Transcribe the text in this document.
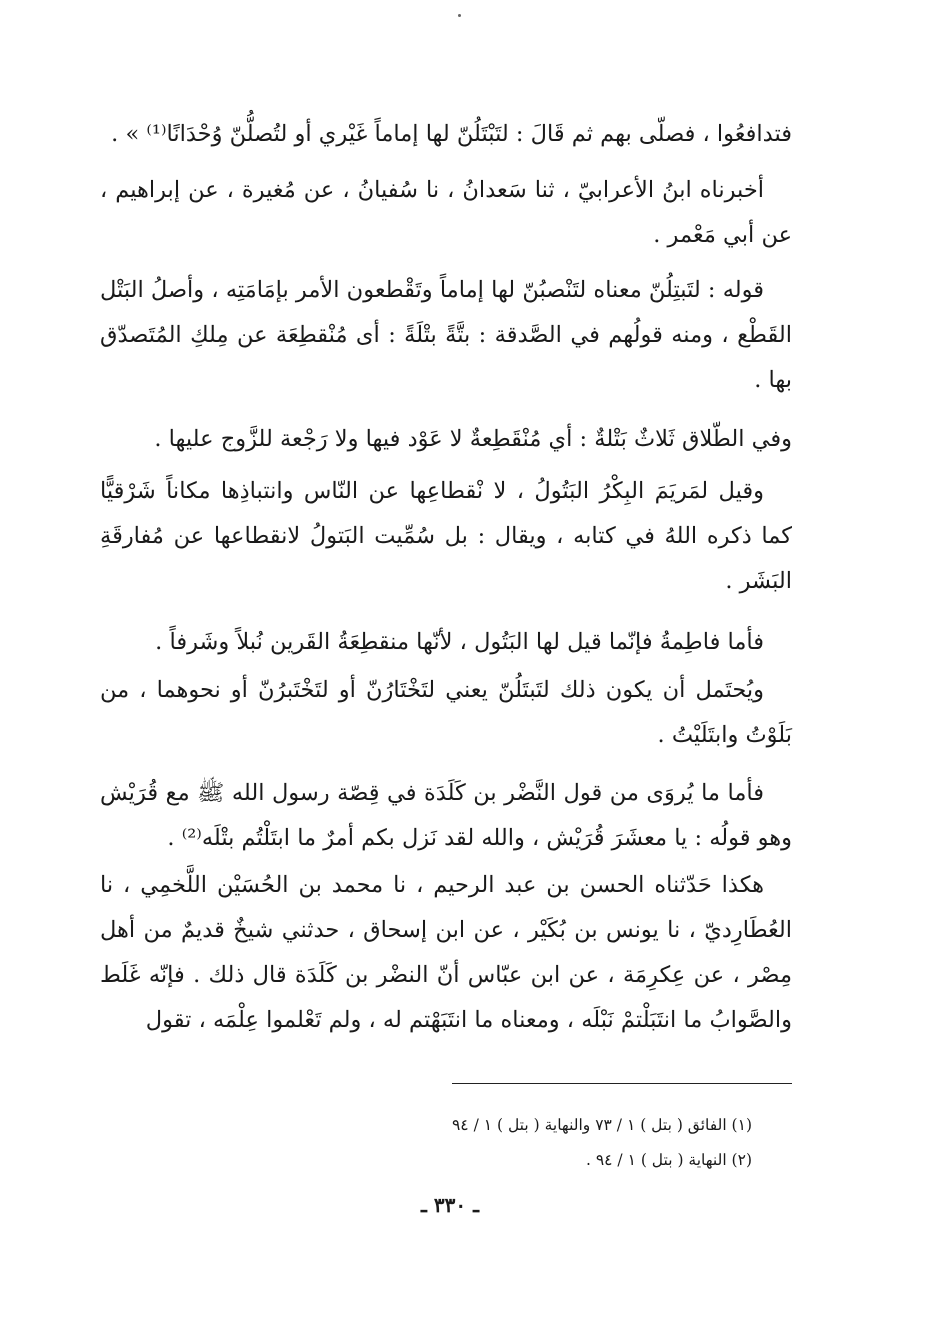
فتدافعُوا ، فصلّى بهم ثم قَالَ : لتَبْتَلُنّ لها إماماً غَيْري أو لتُصلُّنّ وُحْدَانًا⁽¹⁾ » .

أخبرناه ابنُ الأعرابيّ ، ثنا سَعدانُ ، نا سُفيانُ ، عن مُغيرة ، عن إبراهيم ، عن أبي مَعْمر .

قوله : لتَبتِلُنّ معناه لتَنْصبُنّ لها إماماً وتَقْطعون الأمر بإمَامَتِه ، وأصلُ البَتْل القَطْع ، ومنه قولُهم في الصَّدقة : بتَّةً بتْلَةً : أى مُنْقطِعَة عن مِلكِ المُتَصدّق بها .

وفي الطّلاق ثَلاثٌ بَتْلةٌ : أي مُنْقَطِعةٌ لا عَوْد فيها ولا رَجْعة للزَّوج عليها .

وقيل لمَريَمَ البِكْرُ البَتُولُ ، لا نْقطاعِها عن النّاس وانتباذِها مكاناً شَرْقيًّا كما ذكره اللهُ في كتابه ، ويقال : بل سُمِّيت البَتولُ لانقطاعها عن مُفارقَةِ البَشَر .

فأما فاطِمةُ فإنّما قيل لها البَتُول ، لأنّها منقطِعَةُ القَرين نُبلاً وشَرفاً .

ويُحتَمل أن يكون ذلك لتَبتَلُنّ يعني لتَخْتَارُنّ أو لتَخْتَبرُنّ أو نحوهما ، من بَلَوْتُ وابتَلَيْتُ .

فأما ما يُروَى من قول النَّضْر بن كَلَدَة في قِصّة رسول الله ﷺ مع قُرَيْش وهو قولُه : يا معشَرَ قُرَيْش ، والله لقد نَزل بكم أمرٌ ما ابتَلْتُم بتْلَه⁽²⁾ .

هكذا حَدّثناه الحسن بن عبد الرحيم ، نا محمد بن الحُسَيْن اللَّخمِي ، نا العُطَارِديّ ، نا يونس بن بُكَيْر ، عن ابن إسحاق ، حدثني شيخٌ قديمٌ من أهل مِصْر ، عن عِكرِمَة ، عن ابن عبّاس أنّ النضْر بن كَلَدَة قال ذلك . فإنّه غَلَط والصَّوابُ ما انتَبَلْتمْ نَبْلَه ، ومعناه ما انتَبَهْتم له ، ولم تَعْلموا عِلْمَه ، تقول

(١) الفائق ( بتل ) ١ / ٧٣ والنهاية ( بتل ) ١ / ٩٤

(٢) النهاية ( بتل ) ١ / ٩٤ .

ـ ٣٣٠ ـ
